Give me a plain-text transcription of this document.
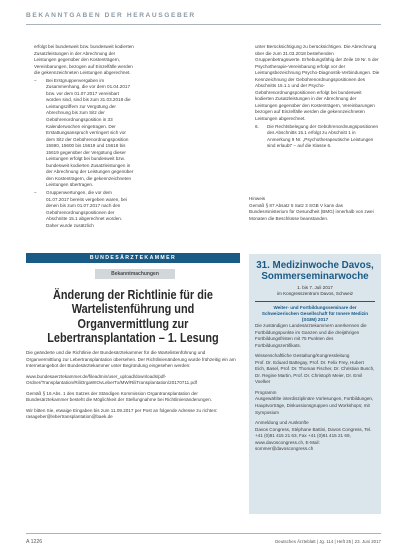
BEKANNTGABEN DER HERAUSGEBER

erfolgt bei bundesweit bzw. bundesweit kodierten Zusatzleistungen in der Abrechnung der Leistungen gegenüber den Kostenträgern, Vereinbarungen, bezogen auf Einzelfälle werden die gekennzeichneten Leistungen abgerechnet.

– Bei Erstgruppenvergaben im Zusammenhang, die vor dem 01.04.2017 bzw. vor dem 01.07.2017 vereinbart worden sind, sind bis zum 31.03.2018 die Leistungsziffern zur Vergütung der Abrechnung bis zum Sitz der Gebührenordnungsposition in 33 Kalenderwochen eingetragen. Der Erstattungsanspruch verringert sich vor dem Sitz der Gebührenordnungsposition 15590, 15600 bis 15619 und 15618 bis 15619 gegenüber der Vergütung dieser Leistungen erfolgt bei bundesweit bzw. bundesweit kodierten Zusatzleistungen in der Abrechnung der Leistungen gegenüber den Kostenträgern, die gekennzeichneten Leistungen übertragen.
– Gruppenwertungen, die vor dem 01.07.2017 bereits vergeben waren, bei denen bis zum 01.07.2017 nach den Gebührenordnungspositionen der Abschnitte 15.1 abgerechnet worden. Daher wurde zusätzlich

unter Berücksichtigung zu berücksichtigen. Die Abrechnung über die zum 31.03.2018 bestehenden Gruppenbetragswerte. Erhebungsfähig der Zeile 19 Nr. 5 der Psychotherapie-Vereinbarung erfolgt vor der Leistungsbezeichnung Psycho-Diagnostik-Verbindungen. Die Kennzeichnung der Gebührenordnungspositionen des Abschnitts 15.1.1 und der Psycho-Gebührenordnungspositionen erfolgt bei bundesweit kodierten Zusatzleistungen in der Abrechnung der Leistungen gegenüber den Kostenträgern, Vereinbarungen bezogen auf Einzelfälle werden die gekennzeichneten Leistungen abgerechnet.

6. Die Rechtsbelegung der Gebührenordnungspositionen des Abschnitts 15.1 erfolgt zu Abschnitt 1 in Anmerkung 9 Nr. „Psychotherapeutische Leistungen sind erlaubt“ – auf die Klasse 6.
Hinweis
Gemäß § 87 Absatz 5 Satz 3 SGB V kann das Bundesministerium für Gesundheit (BMG) innerhalb von zwei Monaten die Beschlüsse beanstanden.
BUNDESÄRZTEKAMMER
Bekanntmachungen
Änderung der Richtlinie für die Wartelistenführung und Organvermittlung zur Lebertransplantation – 1. Lesung

Die geänderte und die Richtlinie der Bundesärztekammer für die Wartelistenführung und Organvermittlung zur Lebertransplantation übersehen. Der Richtlinienänderung wurde frühzeitig ein am Internetangebot der Bundesärztekammer unter Begründung eingesehen werden:

www.bundesaerztekammer.de/fileadmin/user_upload/downloads/pdf-Ordner/Transplantation/RiliOrgaWIOvLeberTx/MW/RiliTransplantation/20170711.pdf

Gemäß § 16 Abs. 1 des Satzes der Ständigen Kommission Organtransplantation der Bundesärztekammer besteht die Möglichkeit der Stellungnahme bei Richtlinienänderungen.

Wir bitten Sie, etwaige Eingaben bis zum 11.09.2017 per Post an folgende Adresse zu richten: rasageber@lebertransplantation@baek.de

31. Medizinwoche Davos, Sommerseminarwoche
1. bis 7. Juli 2017
im Kongresszentrum Davos, Schweiz
Weiter- und Fortbildungsseminare der Schweizerischen Gesellschaft für Innere Medizin (SGIM) 2017

Die zuständigen Landesärztekammern anerkennen die Fortbildungspunkte im Ganzen und die dreijährigen Fortbildungsfristen mit 75 Punkten des Fortbildungszertifikats.

Wissenschaftliche Gestaltung/Kongressleitung
Prof. Dr. Eduard Battegay, Prof. Dr. Felix Frey, Hubert Eich, Basel, Prof. Dr. Thomas Fischer, Dr. Christian Busch, Dr. Regine Martin, Prof. Dr. Christoph Meier, Dr. Emil Voelker
Programm
Ausgewählte interdisziplinäre Vorlesungen, Fortbildungen, Hauptvorträge, Diskussionsgruppen und Workshops; mit Symposium
Anmeldung und Auskünfte
Davos Congress, Stéphane Battini, Davos Congress, Tel. +41 (0)81 415 21 63, Fax +41 (0)81 415 21 69, www.davoscongress.ch, E-Mail: sommer@davoscongress.ch
A 1226	Deutsches Ärzteblatt | Jg. 114 | Heft 25 | 23. Juni 2017
